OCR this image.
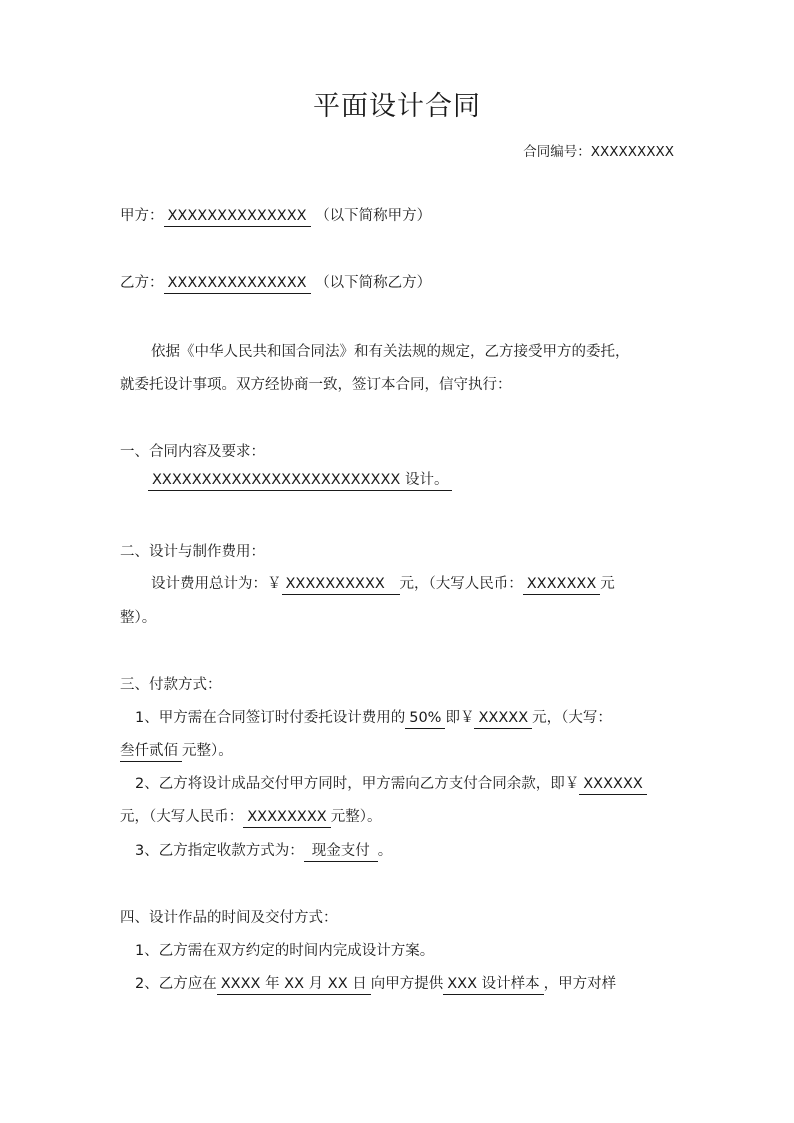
平面设计合同
合同编号：XXXXXXXXX
甲方： XXXXXXXXXXXXXX （以下简称甲方）
乙方： XXXXXXXXXXXXXX （以下简称乙方）
依据《中华人民共和国合同法》和有关法规的规定，乙方接受甲方的委托，
就委托设计事项。双方经协商一致，签订本合同，信守执行：
一、合同内容及要求：
XXXXXXXXXXXXXXXXXXXXXXXXX 设计。
二、设计与制作费用：
设计费用总计为：￥ XXXXXXXXXX 元，（大写人民币： XXXXXXX 元
整）。
三、付款方式：
1、甲方需在合同签订时付委托设计费用的 50% 即￥ XXXXX 元，（大写：
叁仟贰佰 元整）。
2、乙方将设计成品交付甲方同时，甲方需向乙方支付合同余款，即￥ XXXXXX
元，（大写人民币： XXXXXXXX 元整）。
3、乙方指定收款方式为： 现金支付 。
四、设计作品的时间及交付方式：
1、乙方需在双方约定的时间内完成设计方案。
2、乙方应在 XXXX 年 XX 月 XX 日 向甲方提供 XXX 设计样本 ，甲方对样
